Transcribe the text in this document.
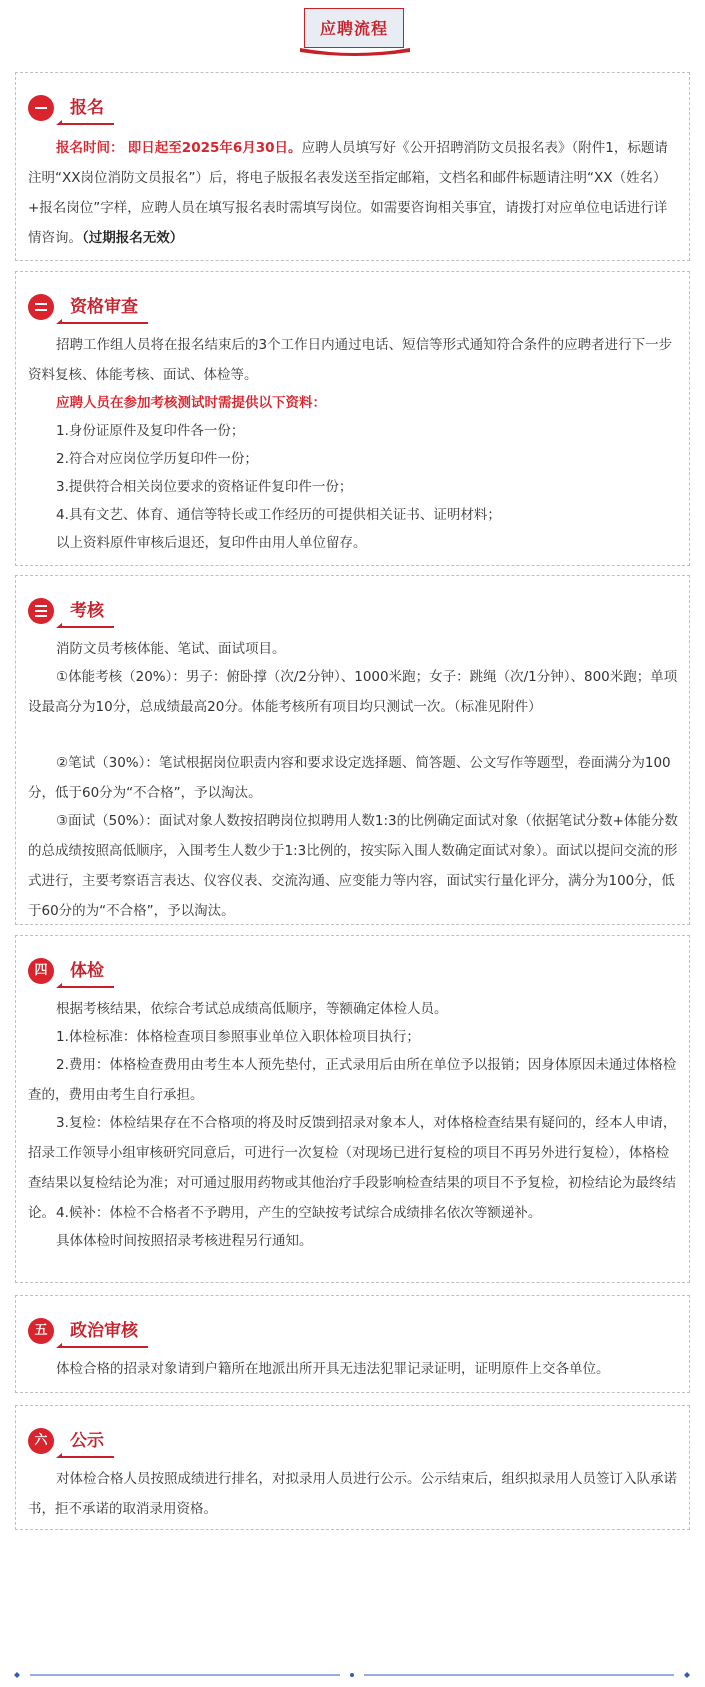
应聘流程
报名
报名时间： 即日起至2025年6月30日。应聘人员填写好《公开招聘消防文员报名表》（附件1，标题请注明“XX岗位消防文员报名”）后，将电子版报名表发送至指定邮箱，文档名和邮件标题请注明“XX（姓名）+报名岗位”字样，应聘人员在填写报名表时需填写岗位。如需要咨询相关事宜，请拨打对应单位电话进行详情咨询。（过期报名无效）
资格审查
招聘工作组人员将在报名结束后的3个工作日内通过电话、短信等形式通知符合条件的应聘者进行下一步资料复核、体能考核、面试、体检等。
应聘人员在参加考核测试时需提供以下资料：
1.身份证原件及复印件各一份；
2.符合对应岗位学历复印件一份；
3.提供符合相关岗位要求的资格证件复印件一份；
4.具有文艺、体育、通信等特长或工作经历的可提供相关证书、证明材料；
以上资料原件审核后退还，复印件由用人单位留存。
考核
消防文员考核体能、笔试、面试项目。
①体能考核（20%）：男子：俯卧撑（次/2分钟）、1000米跑；女子：跳绳（次/1分钟）、800米跑；单项设最高分为10分，总成绩最高20分。体能考核所有项目均只测试一次。（标准见附件）
②笔试（30%）：笔试根据岗位职责内容和要求设定选择题、简答题、公文写作等题型，卷面满分为100分，低于60分为“不合格”，予以淘汰。
③面试（50%）：面试对象人数按招聘岗位拟聘用人数1:3的比例确定面试对象（依据笔试分数+体能分数的总成绩按照高低顺序，入围考生人数少于1:3比例的，按实际入围人数确定面试对象）。面试以提问交流的形式进行，主要考察语言表达、仪容仪表、交流沟通、应变能力等内容，面试实行量化评分，满分为100分，低于60分的为“不合格”，予以淘汰。
四	体检
根据考核结果，依综合考试总成绩高低顺序，等额确定体检人员。
1.体检标准：体格检查项目参照事业单位入职体检项目执行；
2.费用：体格检查费用由考生本人预先垫付，正式录用后由所在单位予以报销；因身体原因未通过体格检查的，费用由考生自行承担。
3.复检：体检结果存在不合格项的将及时反馈到招录对象本人，对体格检查结果有疑问的，经本人申请，招录工作领导小组审核研究同意后，可进行一次复检（对现场已进行复检的项目不再另外进行复检），体格检查结果以复检结论为准；对可通过服用药物或其他治疗手段影响检查结果的项目不予复检，初检结论为最终结论。 4.候补：体检不合格者不予聘用，产生的空缺按考试综合成绩排名依次等额递补。
具体体检时间按照招录考核进程另行通知。
五	政治审核
体检合格的招录对象请到户籍所在地派出所开具无违法犯罪记录证明，证明原件上交各单位。
六	公示
对体检合格人员按照成绩进行排名，对拟录用人员进行公示。公示结束后，组织拟录用人员签订入队承诺书，拒不承诺的取消录用资格。
